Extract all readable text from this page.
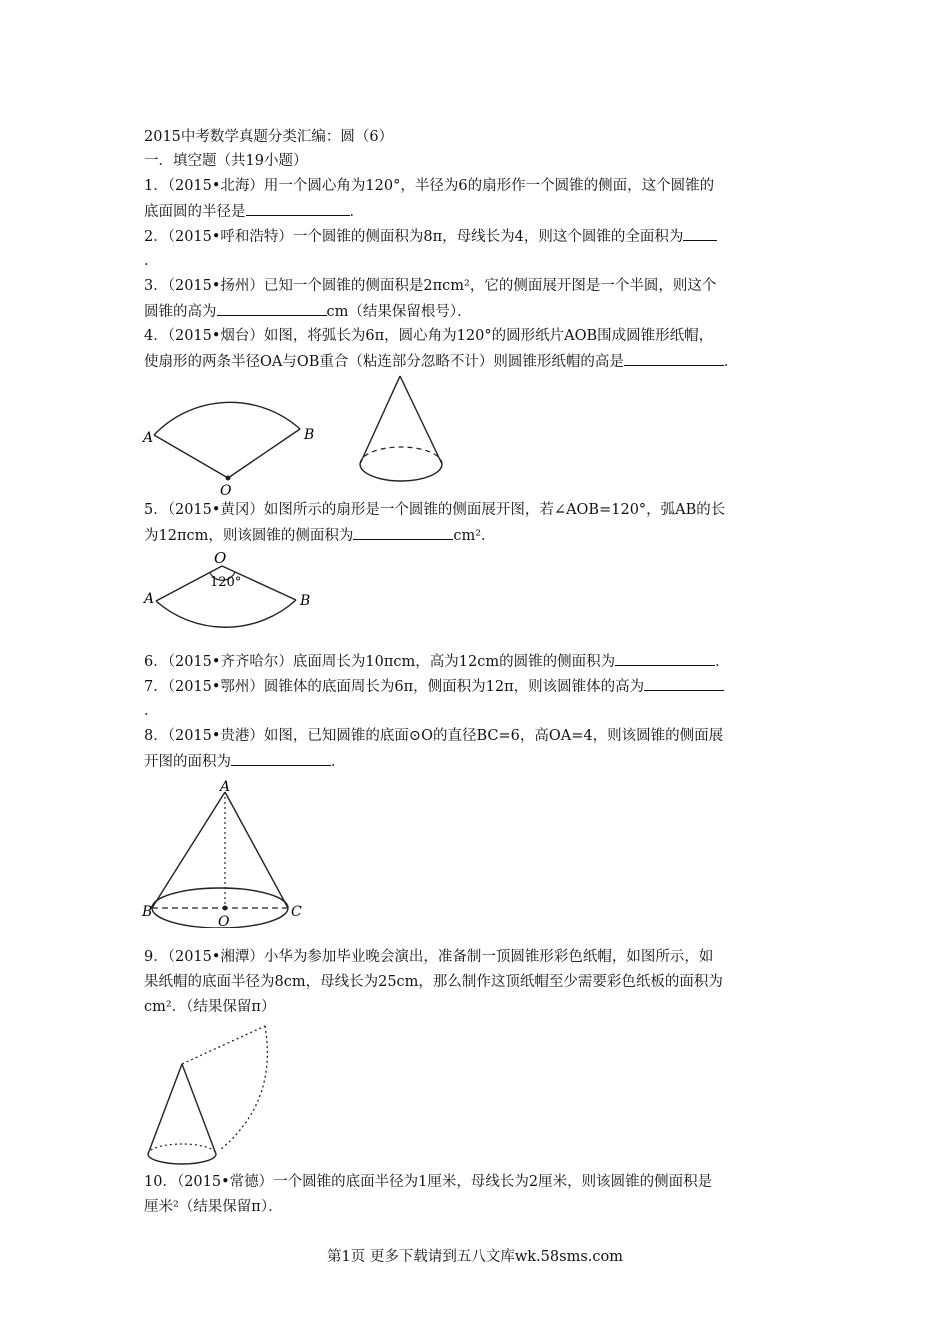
2015中考数学真题分类汇编：圆（6）
一．填空题（共19小题）
1．（2015•北海）用一个圆心角为120°，半径为6的扇形作一个圆锥的侧面，这个圆锥的
底面圆的半径是	．
2．（2015•呼和浩特）一个圆锥的侧面积为8π，母线长为4，则这个圆锥的全面积为
．
3．（2015•扬州）已知一个圆锥的侧面积是2πcm²，它的侧面展开图是一个半圆，则这个
圆锥的高为	cm（结果保留根号）．
4．（2015•烟台）如图，将弧长为6π，圆心角为120°的圆形纸片AOB围成圆锥形纸帽，
使扇形的两条半径OA与OB重合（粘连部分忽略不计）则圆锥形纸帽的高是	．
A	B
O
5．（2015•黄冈）如图所示的扇形是一个圆锥的侧面展开图，若∠AOB=120°，弧AB的长
为12πcm，则该圆锥的侧面积为	cm²．
O
120°
A	B
6．（2015•齐齐哈尔）底面周长为10πcm，高为12cm的圆锥的侧面积为	．
7．（2015•鄂州）圆锥体的底面周长为6π，侧面积为12π，则该圆锥体的高为
．
8．（2015•贵港）如图，已知圆锥的底面⊙O的直径BC=6，高OA=4，则该圆锥的侧面展
开图的面积为	．
A
B	C
O
9．（2015•湘潭）小华为参加毕业晚会演出，准备制一顶圆锥形彩色纸帽，如图所示，如
果纸帽的底面半径为8cm，母线长为25cm，那么制作这顶纸帽至少需要彩色纸板的面积为
cm²．（结果保留π）
10．（2015•常德）一个圆锥的底面半径为1厘米，母线长为2厘米，则该圆锥的侧面积是
厘米²（结果保留π）．
第1页 更多下载请到五八文库wk.58sms.com
